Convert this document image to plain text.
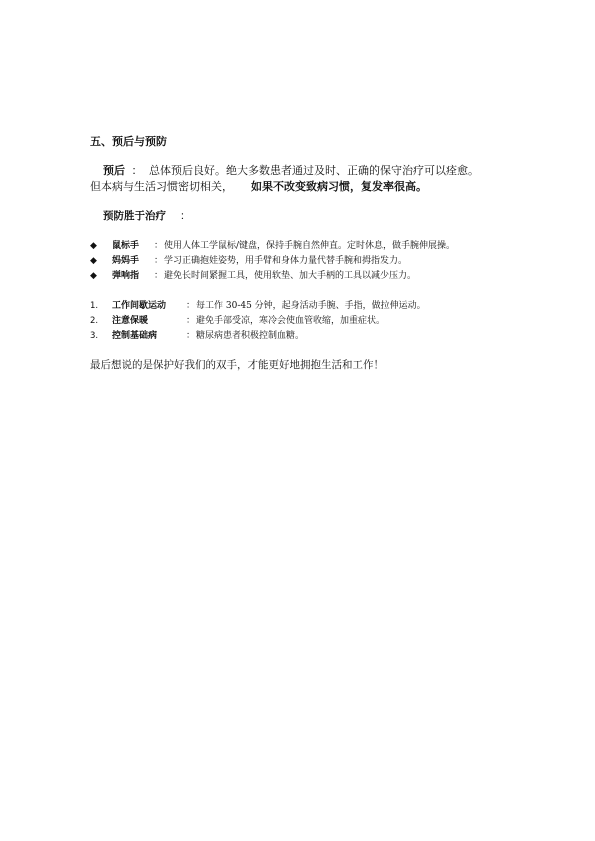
五、预后与预防
预后 ： 总体预后良好。绝大多数患者通过及时、正确的保守治疗可以痊愈。
但本病与生活习惯密切相关， 如果不改变致病习惯，复发率很高。
预防胜于治疗 ：
◆ 鼠标手 ：使用人体工学鼠标/键盘，保持手腕自然伸直。定时休息，做手腕伸展操。
◆ 妈妈手 ：学习正确抱娃姿势，用手臂和身体力量代替手腕和拇指发力。
◆ 弹响指 ：避免长时间紧握工具，使用软垫、加大手柄的工具以减少压力。
1. 工作间歇运动 ：每工作 30-45 分钟，起身活动手腕、手指，做拉伸运动。
2. 注意保暖	：避免手部受凉，寒冷会使血管收缩，加重症状。
3. 控制基础病	：糖尿病患者积极控制血糖。
最后想说的是保护好我们的双手，才能更好地拥抱生活和工作！
